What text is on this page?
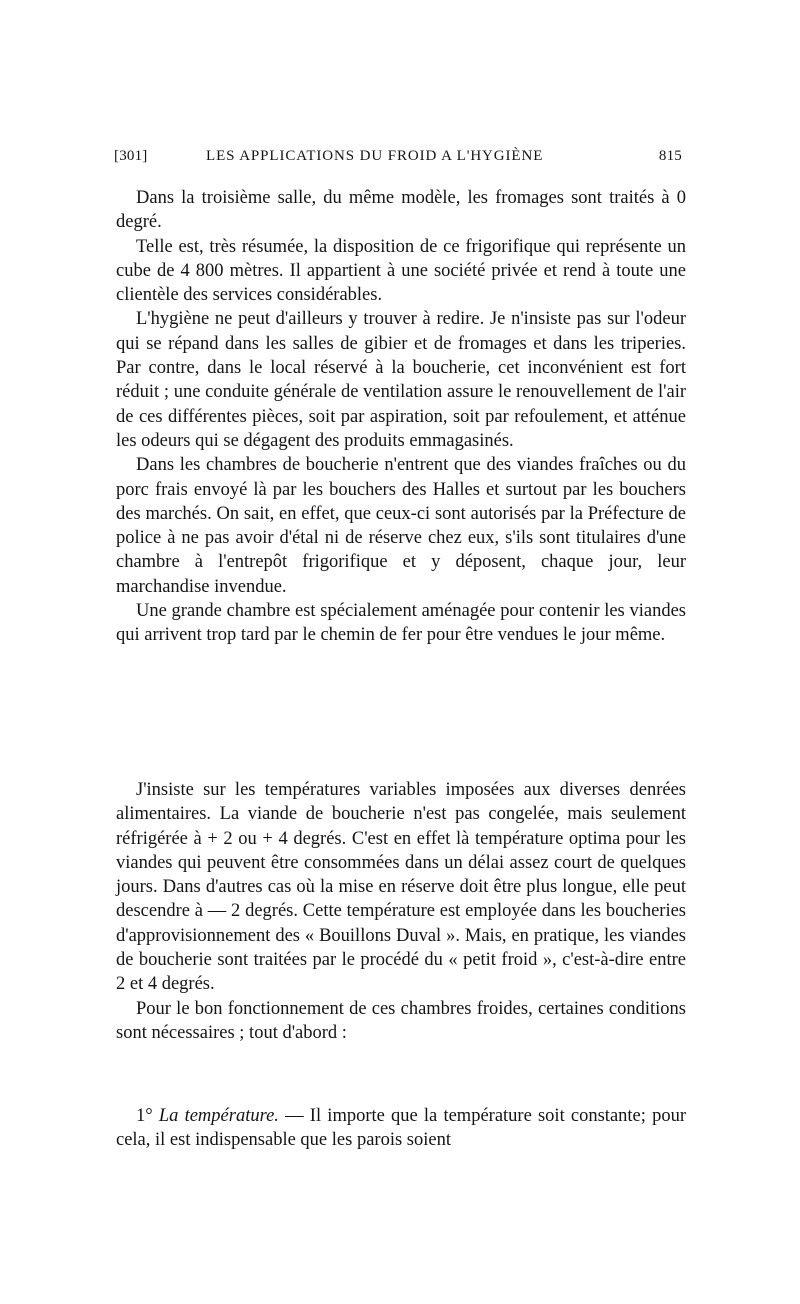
[301]	LES APPLICATIONS DU FROID A L'HYGIÈNE	815

Dans la troisième salle, du même modèle, les fromages sont traités à 0 degré.

Telle est, très résumée, la disposition de ce frigorifique qui représente un cube de 4 800 mètres. Il appartient à une société privée et rend à toute une clientèle des services considérables.

L'hygiène ne peut d'ailleurs y trouver à redire. Je n'insiste pas sur l'odeur qui se répand dans les salles de gibier et de fromages et dans les triperies. Par contre, dans le local réservé à la boucherie, cet inconvénient est fort réduit ; une conduite générale de ventilation assure le renouvellement de l'air de ces différentes pièces, soit par aspiration, soit par refoulement, et atténue les odeurs qui se dégagent des produits emmagasinés.

Dans les chambres de boucherie n'entrent que des viandes fraîches ou du porc frais envoyé là par les bouchers des Halles et surtout par les bouchers des marchés. On sait, en effet, que ceux-ci sont autorisés par la Préfecture de police à ne pas avoir d'étal ni de réserve chez eux, s'ils sont titulaires d'une chambre à l'entrepôt frigorifique et y déposent, chaque jour, leur marchandise invendue.

Une grande chambre est spécialement aménagée pour contenir les viandes qui arrivent trop tard par le chemin de fer pour être vendues le jour même.

J'insiste sur les températures variables imposées aux diverses denrées alimentaires. La viande de boucherie n'est pas congelée, mais seulement réfrigérée à + 2 ou + 4 degrés. C'est en effet là température optima pour les viandes qui peuvent être consommées dans un délai assez court de quelques jours. Dans d'autres cas où la mise en réserve doit être plus longue, elle peut descendre à — 2 degrés. Cette température est employée dans les boucheries d'approvisionnement des « Bouillons Duval ». Mais, en pratique, les viandes de boucherie sont traitées par le procédé du « petit froid », c'est-à-dire entre 2 et 4 degrés.

Pour le bon fonctionnement de ces chambres froides, certaines conditions sont nécessaires ; tout d'abord :

1° La température. — Il importe que la température soit constante; pour cela, il est indispensable que les parois soient
